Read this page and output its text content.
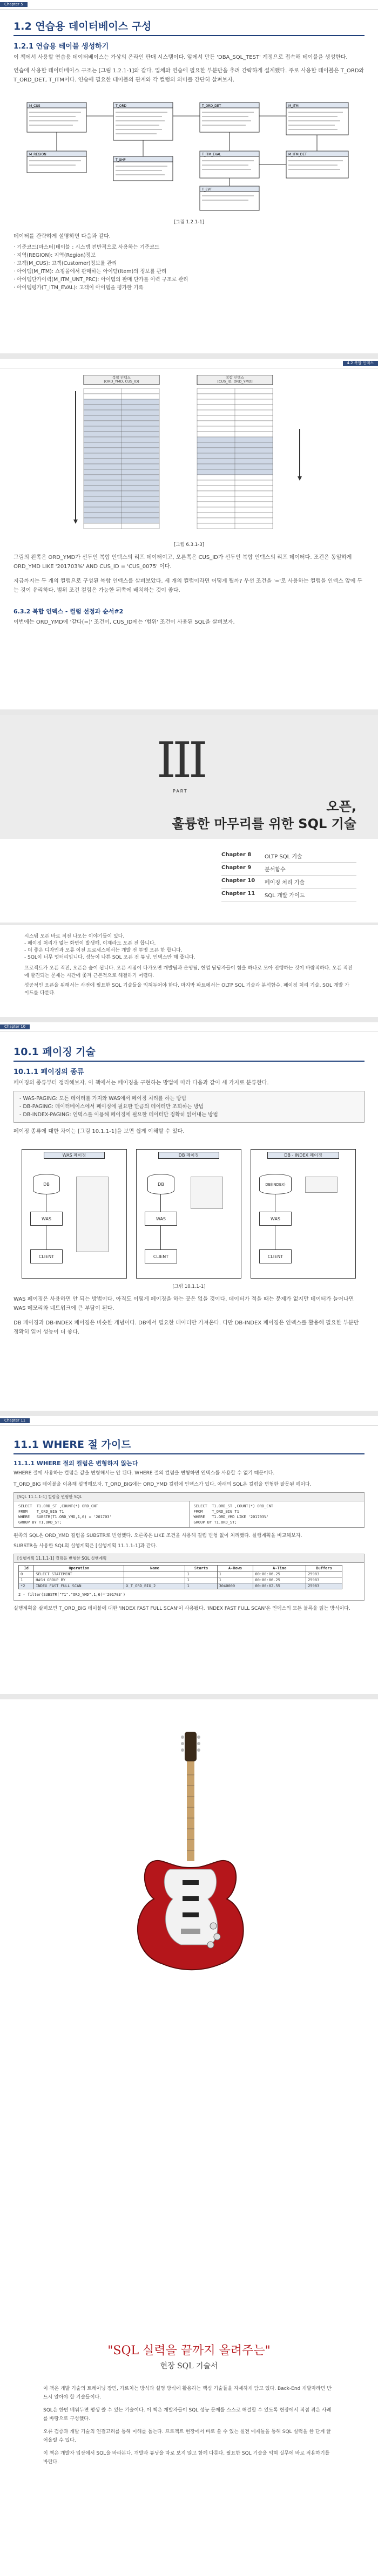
Chapter 5
1.2 연습용 데이터베이스 구성
1.2.1 연습용 테이블 생성하기

이 책에서 사용할 연습용 데이터베이스는 가상의 온라인 판매 시스템이다. 앞에서 만든 'DBA_SQL_TEST' 계정으로 접속해 테이블을 생성한다.

연습에 사용할 데이터베이스 구조는 [그림 1.2.1-1]와 같다. 업체와 연습에 필요한 부분만을 추려 간략하게 설계했다. 주로 사용할 테이블은 T_ORD와 T_ORD_DET, T_ITM이다. 연습에 필요한 테이블의 관계와 각 컬럼의 의미를 간단히 살펴보자.

M_CUS	T_ORD	T_ORD_DET	M_ITM
M_REGION
T_SHP
T_ITM_EVAL	M_ITM_DET
T_EVT
[그림 1.2.1-1]

데이터를 간략하게 설명하면 다음과 같다.

· 기준코드(마스터)테이블 : 시스템 전반적으로 사용하는 기준코드
· 지역(REGION): 지역(Region)정보
· 고객(M_CUS): 고객(Customer)정보를 관리
· 아이템(M_ITM): 쇼핑몰에서 판매하는 아이템(Item)의 정보를 관리
· 아이템단가이력(M_ITM_UNT_PRC): 아이템의 판매 단가를 이력 구조로 관리
· 아이템평가(T_ITM_EVAL): 고객이 아이템을 평가한 기록
4.2 복합 인덱스
복합 인덱스
[ORD_YMD, CUS_ID]
복합 인덱스
[CUS_ID, ORD_YMD]
[그림 6.3.1-3]

그림의 왼쪽은 ORD_YMD가 선두인 복합 인덱스의 리프 데이터이고, 오른쪽은 CUS_ID가 선두인 복합 인덱스의 리프 데이터다. 조건은 동일하게 ORD_YMD LIKE '201703%' AND CUS_ID = 'CUS_0075' 이다.

지금까지는 두 개의 컬럼으로 구성된 복합 인덱스를 살펴보았다. 세 개의 컬럼이라면 어떻게 될까? 우선 조건을 '='로 사용하는 컬럼을 인덱스 앞에 두는 것이 유리하다. 범위 조건 컬럼은 가능한 뒤쪽에 배치하는 것이 좋다.

6.3.2 복합 인덱스 - 컬럼 선정과 순서#2

이번에는 ORD_YMD에 '같다(=)' 조건이, CUS_ID에는 '범위' 조건이 사용된 SQL을 살펴보자.

III
PART
오픈,
훌륭한 마무리를 위한 SQL 기술
Chapter 8	OLTP SQL 기술
Chapter 9	분석함수
Chapter 10	페이징 처리 기술
Chapter 11	SQL 개발 가이드

시스템 오픈 바로 직전 나오는 이야기들이 있다.

- 페이징 처리가 없는 화면이 발생해, 이제라도 오픈 전 합니다.
- 더 좋은 디자인과 오류 이전 프로세스에서는 개발 전 투명 오픈 한 합니다.
- SQL이 너무 엉터리입니다. 성능이 나쁜 SQL 오픈 전 튜닝, 인덱스만 해 줍니다.

프로젝트가 오픈 직전, 오픈은 숲이 됩니다. 오픈 시점이 다가오면 개발팀과 운영팀, 현업 담당자들이 힘을 하나로 모아 진행하는 것이 바람직하다. 오픈 직전에 발견되는 문제는 시간에 쫓겨 근본적으로 해결하기 어렵다.

성공적인 오픈을 위해서는 사전에 필요한 SQL 기술들을 익혀두어야 한다. 마지막 파트에서는 OLTP SQL 기술과 분석함수, 페이징 처리 기술, SQL 개발 가이드를 다룬다.

Chapter 10
10.1 페이징 기술
10.1.1 페이징의 종류

페이징의 종류부터 정리해보자. 이 책에서는 페이징을 구현하는 방법에 따라 다음과 같이 세 가지로 분류한다.

- WAS-PAGING: 모든 데이터를 가져와 WAS에서 페이징 처리를 하는 방법
- DB-PAGING: 데이터베이스에서 페이징에 필요한 만큼의 데이터만 조회하는 방법
- DB-INDEX-PAGING: 인덱스를 이용해 페이징에 필요한 데이터만 정확히 읽어내는 방법

페이징 종류에 대한 차이는 [그림 10.1.1-1]을 보면 쉽게 이해할 수 있다.

WAS 페이징
DB
WAS
CLIENT
DB 페이징
DB
WAS
CLIENT
DB - INDEX 페이징
DB(INDEX)
WAS
CLIENT
[그림 10.1.1-1]

WAS 페이징은 사용하면 안 되는 방법이다. 아직도 이렇게 페이징을 하는 곳은 없을 것이다. 데이터가 적을 때는 문제가 없지만 데이터가 늘어나면 WAS 메모리와 네트워크에 큰 부담이 된다.

DB 페이징과 DB-INDEX 페이징은 비슷한 개념이다. DB에서 필요한 데이터만 가져온다. 다만 DB-INDEX 페이징은 인덱스를 활용해 필요한 부분만 정확히 읽어 성능이 더 좋다.

Chapter 11
11.1 WHERE 절 가이드
11.1.1 WHERE 절의 컬럼은 변형하지 않는다

WHERE 절에 사용하는 컬럼은 값을 변형해서는 안 된다. WHERE 절의 컬럼을 변형하면 인덱스를 사용할 수 없기 때문이다.

T_ORD_BIG 테이블을 이용해 설명해보자. T_ORD_BIG에는 ORD_YMD 컬럼에 인덱스가 있다. 아래의 SQL은 컬럼을 변형한 잘못된 예이다.

[SQL 11.1.1-1] 컬럼을 변형한 SQL
SELECT  T1.ORD_ST ,COUNT(*) ORD_CNT
FROM    T_ORD_BIG T1
WHERE   SUBSTR(T1.ORD_YMD,1,6) = '201703'
GROUP BY T1.ORD_ST;
SELECT  T1.ORD_ST ,COUNT(*) ORD_CNT
FROM    T_ORD_BIG T1
WHERE   T1.ORD_YMD LIKE '201703%'
GROUP BY T1.ORD_ST;

왼쪽의 SQL은 ORD_YMD 컬럼을 SUBSTR로 변형했다. 오른쪽은 LIKE 조건을 사용해 컬럼 변형 없이 처리했다. 실행계획을 비교해보자.

SUBSTR을 사용한 SQL의 실행계획은 [실행계획 11.1.1-1]과 같다.

[실행계획 11.1.1-1] 컬럼을 변형한 SQL 실행계획
Id	Operation	Name	Starts	A-Rows	A-Time	Buffers
0	SELECT STATEMENT		1	1	00:00:06.25	25983
1	HASH GROUP BY		1	1	00:00:06.25	25983
*2	INDEX FAST FULL SCAN	X_T_ORD_BIG_2	1	3040000	00:00:02.55	25983
2 - filter(SUBSTR("T1"."ORD_YMD",1,6)='201703')

실행계획을 살펴보면 T_ORD_BIG 테이블에 대한 'INDEX FAST FULL SCAN'이 사용됐다. 'INDEX FAST FULL SCAN'은 인덱스의 모든 블록을 읽는 방식이다.

"SQL 실력을 끝까지 올려주는"
현장 SQL 기술서

이 책은 개발 기술의 트레이닝 장면, 가르치는 방식과 설명 방식에 활용하는 핵심 기술들을 자세하게 담고 있다. Back-End 개발자라면 반드시 알아야 할 기술들이다.

SQL은 한번 배워두면 평생 쓸 수 있는 기술이다. 이 책은 개발자들이 SQL 성능 문제를 스스로 해결할 수 있도록 현장에서 직접 겪은 사례를 바탕으로 구성했다.

오류 검증과 개발 기술의 연결고리를 통해 이해를 돕는다. 프로젝트 현장에서 바로 쓸 수 있는 실전 예제들을 통해 SQL 실력을 한 단계 끌어올릴 수 있다.

이 책은 개발자 입장에서 SQL을 바라본다. 개발과 튜닝을 따로 보지 않고 함께 다룬다. 필요한 SQL 기술을 익혀 실무에 바로 적용하기를 바란다.
